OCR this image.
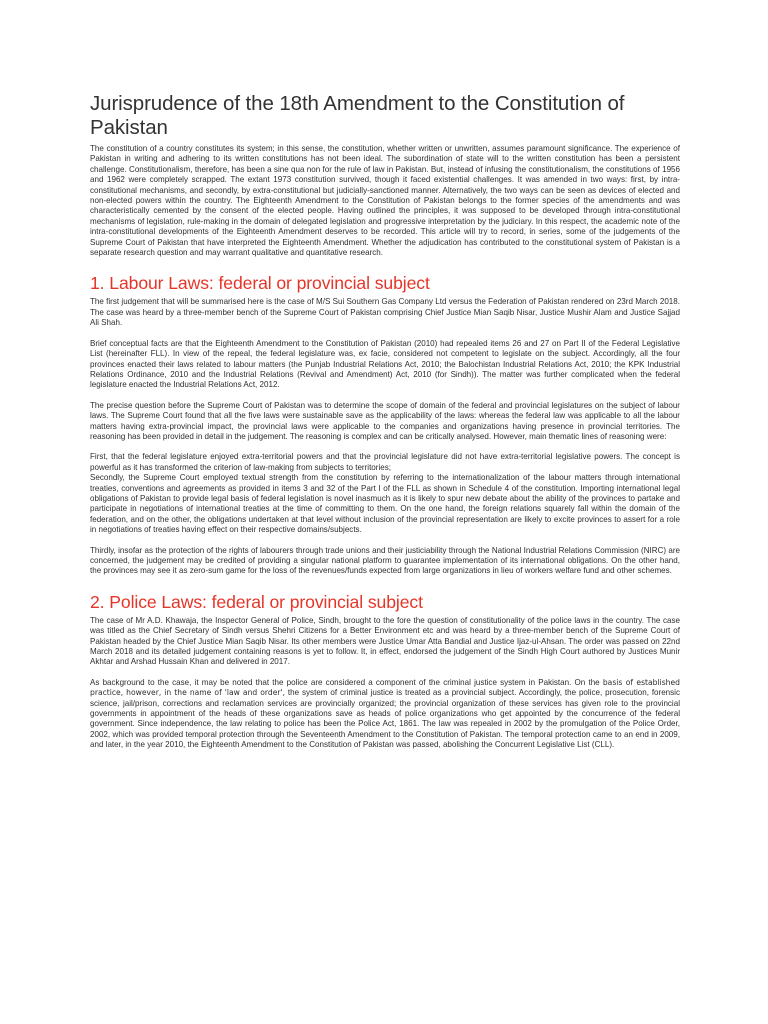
Jurisprudence of the 18th Amendment to the Constitution of Pakistan

The constitution of a country constitutes its system; in this sense, the constitution, whether written or unwritten, assumes paramount significance. The experience of Pakistan in writing and adhering to its written constitutions has not been ideal. The subordination of state will to the written constitution has been a persistent challenge. Constitutionalism, therefore, has been a sine qua non for the rule of law in Pakistan. But, instead of infusing the constitutionalism, the constitutions of 1956 and 1962 were completely scrapped. The extant 1973 constitution survived, though it faced existential challenges. It was amended in two ways: first, by intra-constitutional mechanisms, and secondly, by extra-constitutional but judicially-sanctioned manner. Alternatively, the two ways can be seen as devices of elected and non-elected powers within the country. The Eighteenth Amendment to the Constitution of Pakistan belongs to the former species of the amendments and was characteristically cemented by the consent of the elected people. Having outlined the principles, it was supposed to be developed through intra-constitutional mechanisms of legislation, rule-making in the domain of delegated legislation and progressive interpretation by the judiciary. In this respect, the academic note of the intra-constitutional developments of the Eighteenth Amendment deserves to be recorded. This article will try to record, in series, some of the judgements of the Supreme Court of Pakistan that have interpreted the Eighteenth Amendment. Whether the adjudication has contributed to the constitutional system of Pakistan is a separate research question and may warrant qualitative and quantitative research.

1. Labour Laws: federal or provincial subject

The first judgement that will be summarised here is the case of M/S Sui Southern Gas Company Ltd versus the Federation of Pakistan rendered on 23rd March 2018. The case was heard by a three-member bench of the Supreme Court of Pakistan comprising Chief Justice Mian Saqib Nisar, Justice Mushir Alam and Justice Sajjad Ali Shah.

Brief conceptual facts are that the Eighteenth Amendment to the Constitution of Pakistan (2010) had repealed items 26 and 27 on Part II of the Federal Legislative List (hereinafter FLL). In view of the repeal, the federal legislature was, ex facie, considered not competent to legislate on the subject. Accordingly, all the four provinces enacted their laws related to labour matters (the Punjab Industrial Relations Act, 2010; the Balochistan Industrial Relations Act, 2010; the KPK Industrial Relations Ordinance, 2010 and the Industrial Relations (Revival and Amendment) Act, 2010 (for Sindh)). The matter was further complicated when the federal legislature enacted the Industrial Relations Act, 2012.

The precise question before the Supreme Court of Pakistan was to determine the scope of domain of the federal and provincial legislatures on the subject of labour laws. The Supreme Court found that all the five laws were sustainable save as the applicability of the laws: whereas the federal law was applicable to all the labour matters having extra-provincial impact, the provincial laws were applicable to the companies and organizations having presence in provincial territories. The reasoning has been provided in detail in the judgement. The reasoning is complex and can be critically analysed. However, main thematic lines of reasoning were:

First, that the federal legislature enjoyed extra-territorial powers and that the provincial legislature did not have extra-territorial legislative powers. The concept is powerful as it has transformed the criterion of law-making from subjects to territories;

Secondly, the Supreme Court employed textual strength from the constitution by referring to the internationalization of the labour matters through international treaties, conventions and agreements as provided in items 3 and 32 of the Part I of the FLL as shown in Schedule 4 of the constitution. Importing international legal obligations of Pakistan to provide legal basis of federal legislation is novel inasmuch as it is likely to spur new debate about the ability of the provinces to partake and participate in negotiations of international treaties at the time of committing to them. On the one hand, the foreign relations squarely fall within the domain of the federation, and on the other, the obligations undertaken at that level without inclusion of the provincial representation are likely to excite provinces to assert for a role in negotiations of treaties having effect on their respective domains/subjects.

Thirdly, insofar as the protection of the rights of labourers through trade unions and their justiciability through the National Industrial Relations Commission (NIRC) are concerned, the judgement may be credited of providing a singular national platform to guarantee implementation of its international obligations. On the other hand, the provinces may see it as zero-sum game for the loss of the revenues/funds expected from large organizations in lieu of workers welfare fund and other schemes.

2. Police Laws: federal or provincial subject

The case of Mr A.D. Khawaja, the Inspector General of Police, Sindh, brought to the fore the question of constitutionality of the police laws in the country. The case was titled as the Chief Secretary of Sindh versus Shehri Citizens for a Better Environment etc and was heard by a three-member bench of the Supreme Court of Pakistan headed by the Chief Justice Mian Saqib Nisar. Its other members were Justice Umar Atta Bandial and Justice Ijaz-ul-Ahsan. The order was passed on 22nd March 2018 and its detailed judgement containing reasons is yet to follow. It, in effect, endorsed the judgement of the Sindh High Court authored by Justices Munir Akhtar and Arshad Hussain Khan and delivered in 2017.

As background to the case, it may be noted that the police are considered a component of the criminal justice system in Pakistan. On the basis of established practice, however, in the name of 'law and order', the system of criminal justice is treated as a provincial subject. Accordingly, the police, prosecution, forensic science, jail/prison, corrections and reclamation services are provincially organized; the provincial organization of these services has given role to the provincial governments in appointment of the heads of these organizations save as heads of police organizations who get appointed by the concurrence of the federal government. Since independence, the law relating to police has been the Police Act, 1861. The law was repealed in 2002 by the promulgation of the Police Order, 2002, which was provided temporal protection through the Seventeenth Amendment to the Constitution of Pakistan. The temporal protection came to an end in 2009, and later, in the year 2010, the Eighteenth Amendment to the Constitution of Pakistan was passed, abolishing the Concurrent Legislative List (CLL).
